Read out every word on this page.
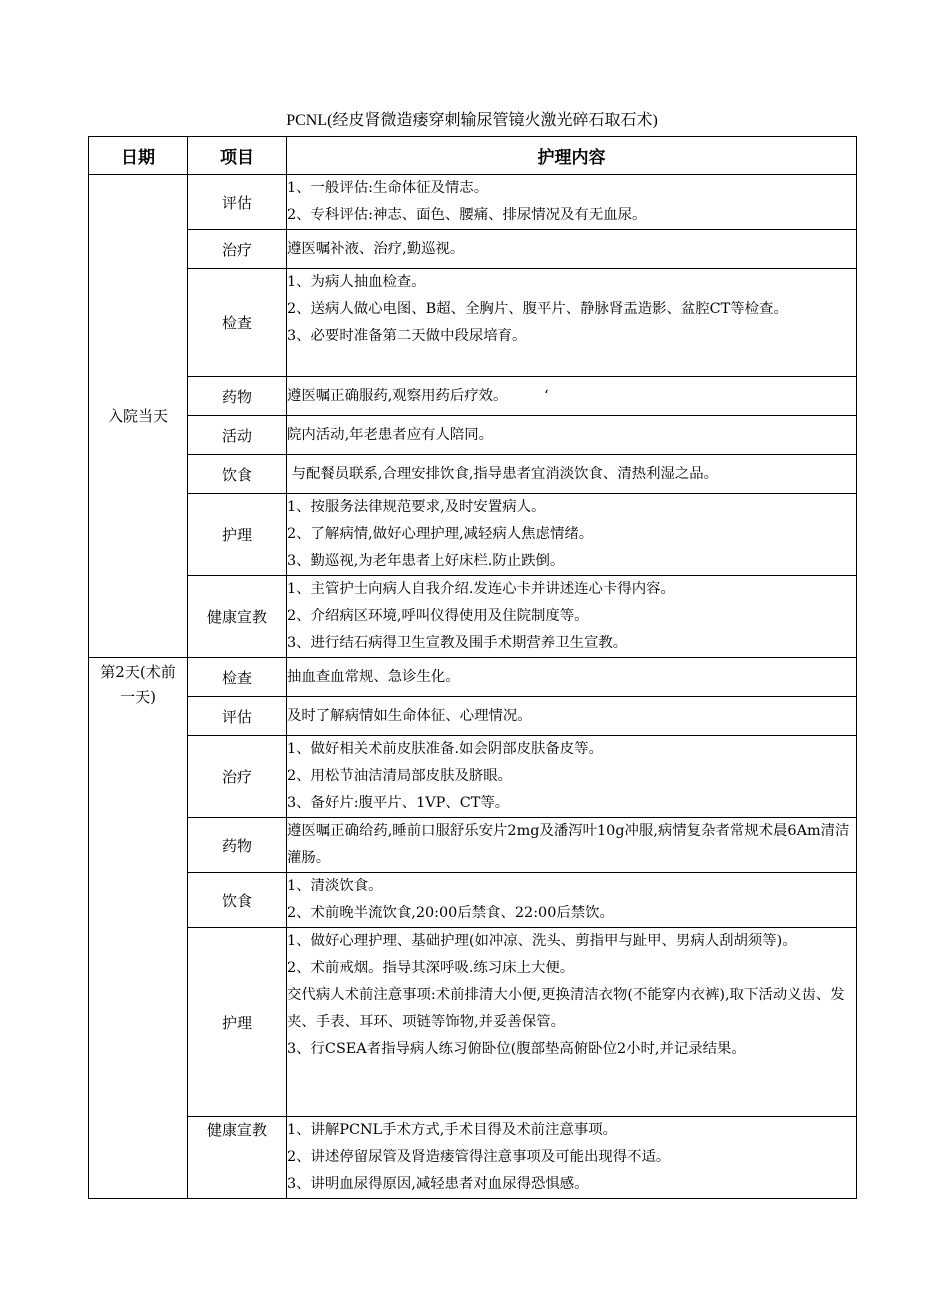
PCNL(经皮肾微造瘘穿刺输尿管镜火激光碎石取石术)
日期	项目	护理内容
入院当天	评估	1、一般评估:生命体征及情志。
2、专科评估:神志、面色、腰痛、排尿情况及有无血尿。

	治疗	遵医嘱补液、治疗,勤巡视。

	检查	1、为病人抽血检查。
2、送病人做心电图、B超、全胸片、腹平片、静脉肾盂造影、盆腔CT等检查。
3、必要时准备第二天做中段尿培育。

	药物	遵医嘱正确服药,观察用药后疗效。        ‘

	活动	院内活动,年老患者应有人陪同。

	饮食	与配餐员联系,合理安排饮食,指导患者宜消淡饮食、清热利湿之品。

	护理	1、按服务法律规范要求,及时安置病人。
2、了解病情,做好心理护理,减轻病人焦虑情绪。
3、勤巡视,为老年患者上好床栏.防止跌倒。

	健康宣教	1、主管护士向病人自我介绍.发连心卡并讲述连心卡得内容。
2、介绍病区环境,呼叫仪得使用及住院制度等。
3、进行结石病得卫生宣教及围手术期营养卫生宣教。

第2天(术前一天)	检查	抽血查血常规、急诊生化。

	评估	及时了解病情如生命体征、心理情况。

	治疗	1、做好相关术前皮肤准备.如会阴部皮肤备皮等。
2、用松节油洁清局部皮肤及脐眼。
3、备好片:腹平片、1VP、CT等。

	药物	遵医嘱正确给药,睡前口服舒乐安片2mg及潘泻叶10g冲服,病情复杂者常规术晨6Am清洁灌肠。

	饮食	1、清淡饮食。
2、术前晚半流饮食,20:00后禁食、22:00后禁饮。

	护理	1、做好心理护理、基础护理(如冲凉、洗头、剪指甲与趾甲、男病人刮胡须等)。
2、术前戒烟。指导其深呼吸.练习床上大便。
交代病人术前注意事项:术前排清大小便,更换清洁衣物(不能穿内衣裤),取下活动义齿、发夹、手表、耳环、项链等饰物,并妥善保管。
3、行CSEA者指导病人练习俯卧位(腹部垫高俯卧位2小时,并记录结果。

	健康宣教	1、讲解PCNL手术方式,手术目得及术前注意事项。
2、讲述停留尿管及肾造瘘管得注意事项及可能出现得不适。
3、讲明血尿得原因,减轻患者对血尿得恐惧感。
